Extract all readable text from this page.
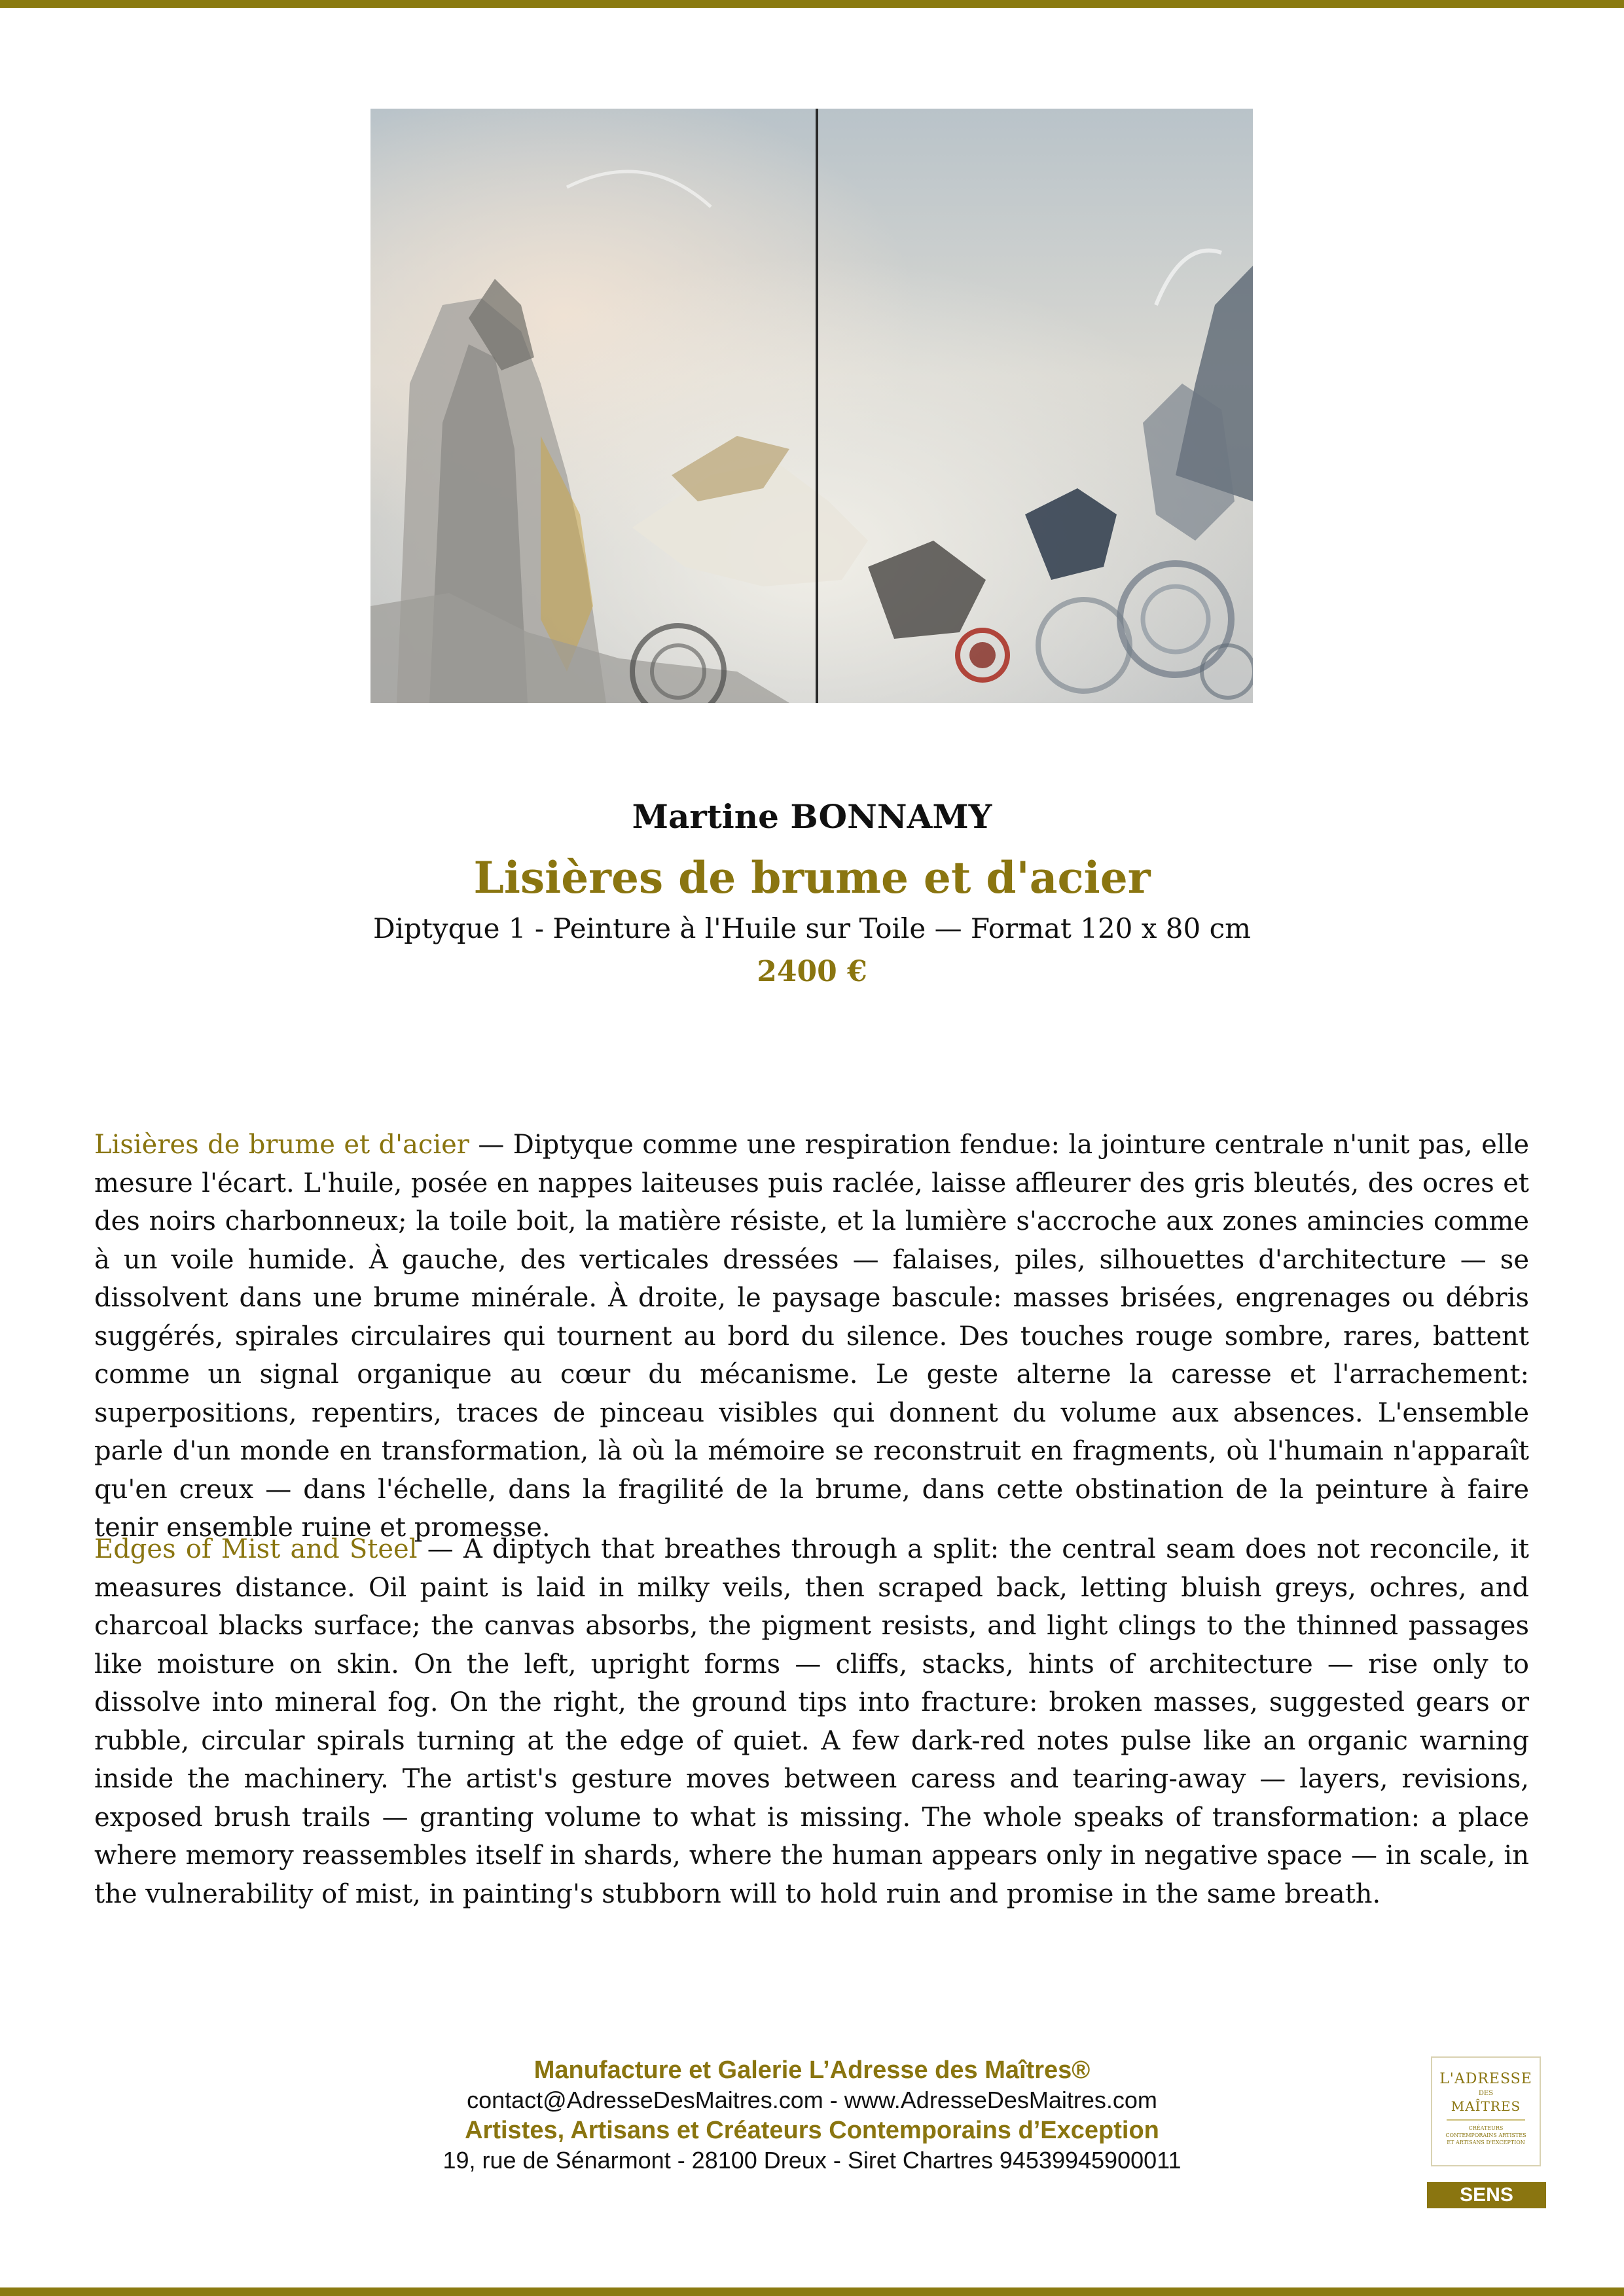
Martine BONNAMY
Lisières de brume et d'acier
Diptyque 1 - Peinture à l'Huile sur Toile — Format 120 x 80 cm
2400 €

Lisières de brume et d'acier — Diptyque comme une respiration fendue: la jointure centrale n'unit pas, elle mesure l'écart. L'huile, posée en nappes laiteuses puis raclée, laisse affleurer des gris bleutés, des ocres et des noirs charbonneux; la toile boit, la matière résiste, et la lumière s'accroche aux zones amincies comme à un voile humide. À gauche, des verticales dressées — falaises, piles, silhouettes d'architecture — se dissolvent dans une brume minérale. À droite, le paysage bascule: masses brisées, engrenages ou débris suggérés, spirales circulaires qui tournent au bord du silence. Des touches rouge sombre, rares, battent comme un signal organique au cœur du mécanisme. Le geste alterne la caresse et l'arrachement: superpositions, repentirs, traces de pinceau visibles qui donnent du volume aux absences. L'ensemble parle d'un monde en transformation, là où la mémoire se reconstruit en fragments, où l'humain n'apparaît qu'en creux — dans l'échelle, dans la fragilité de la brume, dans cette obstination de la peinture à faire tenir ensemble ruine et promesse.

Edges of Mist and Steel — A diptych that breathes through a split: the central seam does not reconcile, it measures distance. Oil paint is laid in milky veils, then scraped back, letting bluish greys, ochres, and charcoal blacks surface; the canvas absorbs, the pigment resists, and light clings to the thinned passages like moisture on skin. On the left, upright forms — cliffs, stacks, hints of architecture — rise only to dissolve into mineral fog. On the right, the ground tips into fracture: broken masses, suggested gears or rubble, circular spirals turning at the edge of quiet. A few dark-red notes pulse like an organic warning inside the machinery. The artist's gesture moves between caress and tearing-away — layers, revisions, exposed brush trails — granting volume to what is missing. The whole speaks of transformation: a place where memory reassembles itself in shards, where the human appears only in negative space — in scale, in the vulnerability of mist, in painting's stubborn will to hold ruin and promise in the same breath.

Manufacture et Galerie L’Adresse des Maîtres®
contact@AdresseDesMaitres.com - www.AdresseDesMaitres.com
Artistes, Artisans et Créateurs Contemporains d’Exception
19, rue de Sénarmont - 28100 Dreux - Siret Chartres 94539945900011
L'ADRESSE
DES
MAÎTRES
CRÉATEURS CONTEMPORAINS ARTISTES ET ARTISANS D'EXCEPTION
SENS
